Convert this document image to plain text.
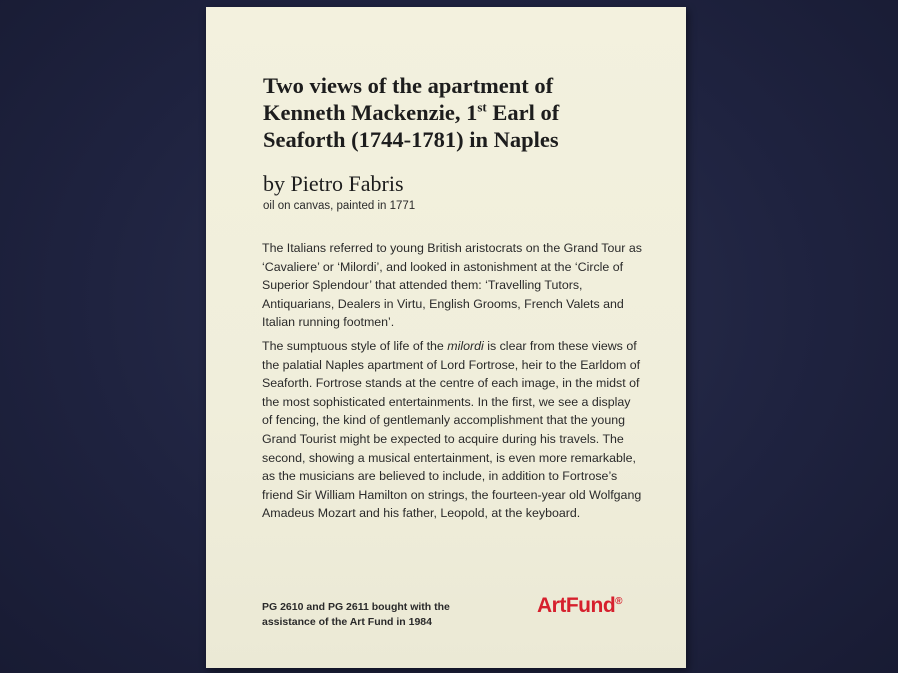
Two views of the apartment of
Kenneth Mackenzie, 1st Earl of
Seaforth (1744-1781) in Naples

by Pietro Fabris

oil on canvas, painted in 1771

The Italians referred to young British aristocrats on the Grand Tour as ‘Cavaliere’ or ‘Milordi’, and looked in astonishment at the ‘Circle of Superior Splendour’ that attended them: ‘Travelling Tutors, Antiquarians, Dealers in Virtu, English Grooms, French Valets and Italian running footmen’.

The sumptuous style of life of the milordi is clear from these views of the palatial Naples apartment of Lord Fortrose, heir to the Earldom of Seaforth. Fortrose stands at the centre of each image, in the midst of the most sophisticated entertainments. In the first, we see a display of fencing, the kind of gentlemanly accomplishment that the young Grand Tourist might be expected to acquire during his travels. The second, showing a musical entertainment, is even more remarkable, as the musicians are believed to include, in addition to Fortrose’s friend Sir William Hamilton on strings, the fourteen-year old Wolfgang Amadeus Mozart and his father, Leopold, at the keyboard.

PG 2610 and PG 2611 bought with the
assistance of the Art Fund in 1984

ArtFund®
